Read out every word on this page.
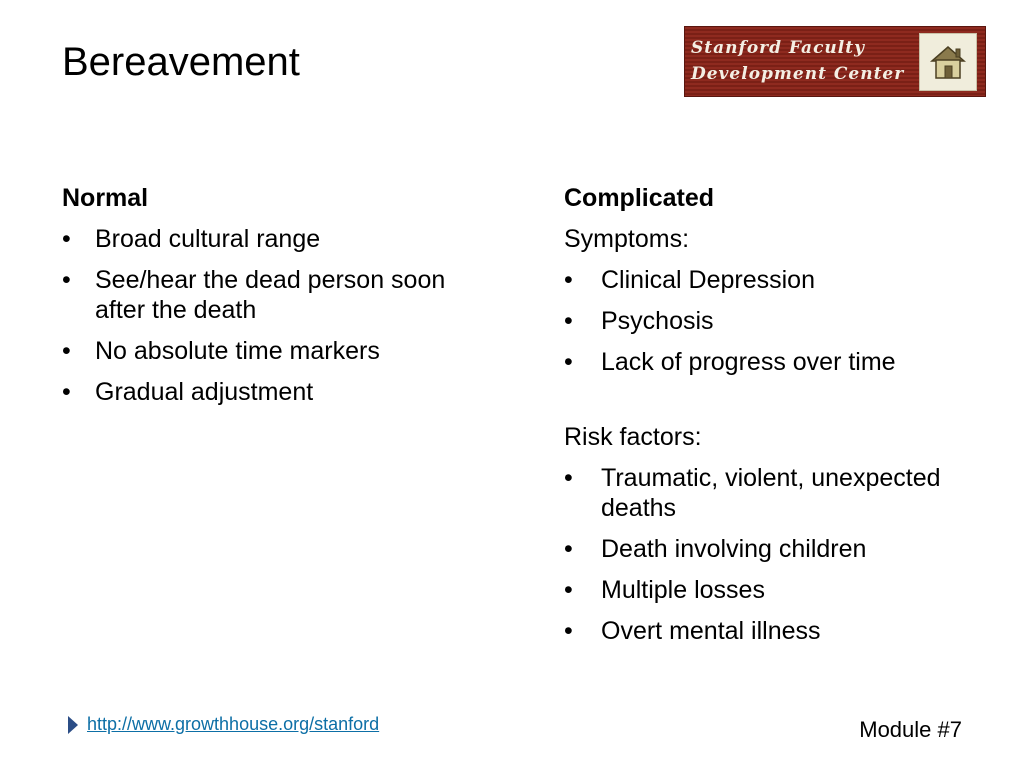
Bereavement	Stanford Faculty
Development Center
Normal
• Broad cultural range
• See/hear the dead person soon after the death
• No absolute time markers
• Gradual adjustment
Complicated
Symptoms:
• Clinical Depression
• Psychosis
• Lack of progress over time
Risk factors:
• Traumatic, violent, unexpected deaths
• Death involving children
• Multiple losses
• Overt mental illness
http://www.growthhouse.org/stanford	Module #7
